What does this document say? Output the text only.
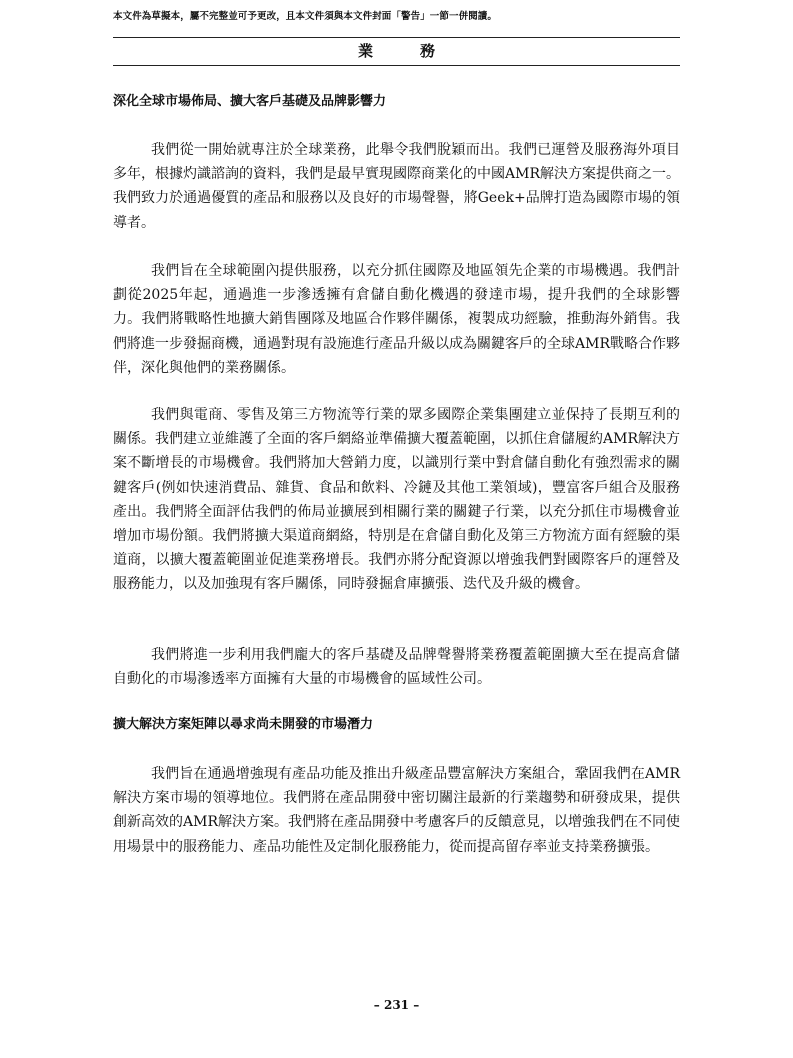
本文件為草擬本，屬不完整並可予更改，且本文件須與本文件封面「警告」一節一併閱讀。
業　務
深化全球市場佈局、擴大客戶基礎及品牌影響力

我們從一開始就專注於全球業務，此舉令我們脫穎而出。我們已運營及服務海外項目多年，根據灼識諮詢的資料，我們是最早實現國際商業化的中國AMR解決方案提供商之一。我們致力於通過優質的產品和服務以及良好的市場聲譽，將Geek+品牌打造為國際市場的領導者。

我們旨在全球範圍內提供服務，以充分抓住國際及地區領先企業的市場機遇。我們計劃從2025年起，通過進一步滲透擁有倉儲自動化機遇的發達市場，提升我們的全球影響力。我們將戰略性地擴大銷售團隊及地區合作夥伴關係，複製成功經驗，推動海外銷售。我們將進一步發掘商機，通過對現有設施進行產品升級以成為關鍵客戶的全球AMR戰略合作夥伴，深化與他們的業務關係。

我們與電商、零售及第三方物流等行業的眾多國際企業集團建立並保持了長期互利的關係。我們建立並維護了全面的客戶網絡並準備擴大覆蓋範圍，以抓住倉儲履約AMR解決方案不斷增長的市場機會。我們將加大營銷力度，以識別行業中對倉儲自動化有強烈需求的關鍵客戶(例如快速消費品、雜貨、食品和飲料、冷鏈及其他工業領域)，豐富客戶組合及服務產出。我們將全面評估我們的佈局並擴展到相關行業的關鍵子行業，以充分抓住市場機會並增加市場份額。我們將擴大渠道商網絡，特別是在倉儲自動化及第三方物流方面有經驗的渠道商，以擴大覆蓋範圍並促進業務增長。我們亦將分配資源以增強我們對國際客戶的運營及服務能力，以及加強現有客戶關係，同時發掘倉庫擴張、迭代及升級的機會。

我們將進一步利用我們龐大的客戶基礎及品牌聲譽將業務覆蓋範圍擴大至在提高倉儲自動化的市場滲透率方面擁有大量的市場機會的區域性公司。

擴大解決方案矩陣以尋求尚未開發的市場潛力

我們旨在通過增強現有產品功能及推出升級產品豐富解決方案組合，鞏固我們在AMR解決方案市場的領導地位。我們將在產品開發中密切關注最新的行業趨勢和研發成果，提供創新高效的AMR解決方案。我們將在產品開發中考慮客戶的反饋意見，以增強我們在不同使用場景中的服務能力、產品功能性及定制化服務能力，從而提高留存率並支持業務擴張。

– 231 –
